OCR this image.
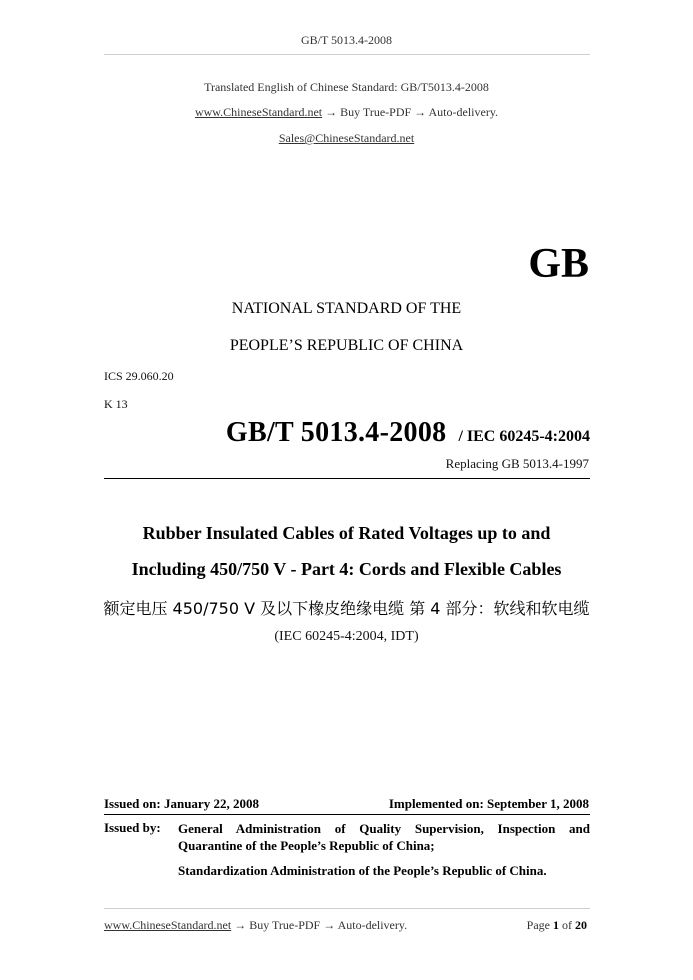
GB/T 5013.4-2008
Translated English of Chinese Standard: GB/T5013.4-2008
www.ChineseStandard.net → Buy True-PDF → Auto-delivery.
Sales@ChineseStandard.net
GB
NATIONAL STANDARD OF THE
PEOPLE’S REPUBLIC OF CHINA
ICS 29.060.20
K 13
GB/T 5013.4-2008 / IEC 60245-4:2004
Replacing GB 5013.4-1997
Rubber Insulated Cables of Rated Voltages up to and
Including 450/750 V - Part 4: Cords and Flexible Cables
额定电压 450/750 V 及以下橡皮绝缘电缆 第 4 部分：软线和软电缆
(IEC 60245-4:2004, IDT)
Issued on: January 22, 2008	Implemented on: September 1, 2008
Issued by: General Administration of Quality Supervision, Inspection and Quarantine of the People’s Republic of China;
Standardization Administration of the People’s Republic of China.
www.ChineseStandard.net → Buy True-PDF → Auto-delivery.	Page 1 of 20
